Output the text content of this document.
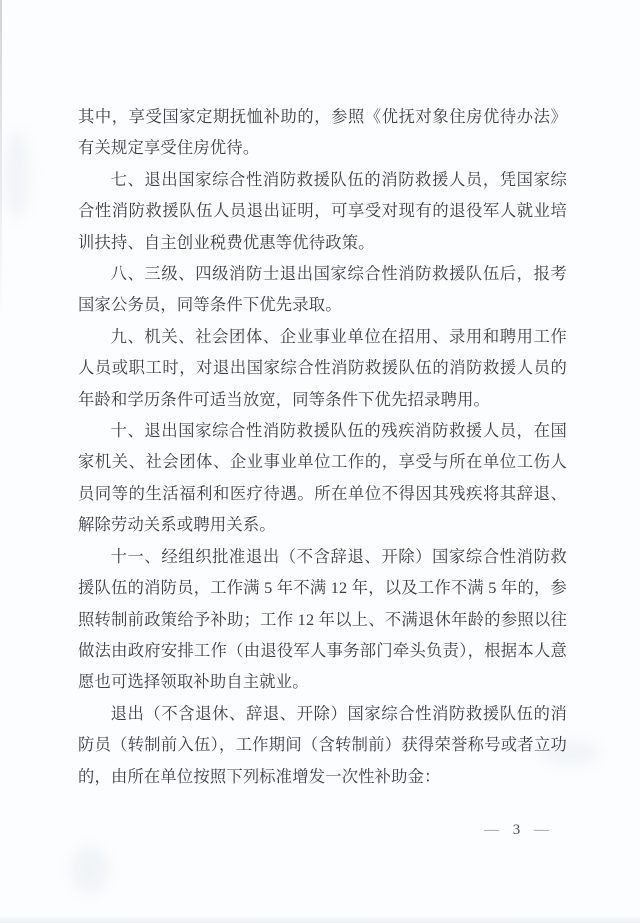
其中，享受国家定期抚恤补助的，参照《优抚对象住房优待办法》有关规定享受住房优待。

七、退出国家综合性消防救援队伍的消防救援人员，凭国家综合性消防救援队伍人员退出证明，可享受对现有的退役军人就业培训扶持、自主创业税费优惠等优待政策。

八、三级、四级消防士退出国家综合性消防救援队伍后，报考国家公务员，同等条件下优先录取。

九、机关、社会团体、企业事业单位在招用、录用和聘用工作人员或职工时，对退出国家综合性消防救援队伍的消防救援人员的年龄和学历条件可适当放宽，同等条件下优先招录聘用。

十、退出国家综合性消防救援队伍的残疾消防救援人员，在国家机关、社会团体、企业事业单位工作的，享受与所在单位工伤人员同等的生活福利和医疗待遇。所在单位不得因其残疾将其辞退、解除劳动关系或聘用关系。

十一、经组织批准退出（不含辞退、开除）国家综合性消防救援队伍的消防员，工作满 5 年不满 12 年，以及工作不满 5 年的，参照转制前政策给予补助；工作 12 年以上、不满退休年龄的参照以往做法由政府安排工作（由退役军人事务部门牵头负责），根据本人意愿也可选择领取补助自主就业。

退出（不含退休、辞退、开除）国家综合性消防救援队伍的消防员（转制前入伍），工作期间（含转制前）获得荣誉称号或者立功的，由所在单位按照下列标准增发一次性补助金：

— 3 —
